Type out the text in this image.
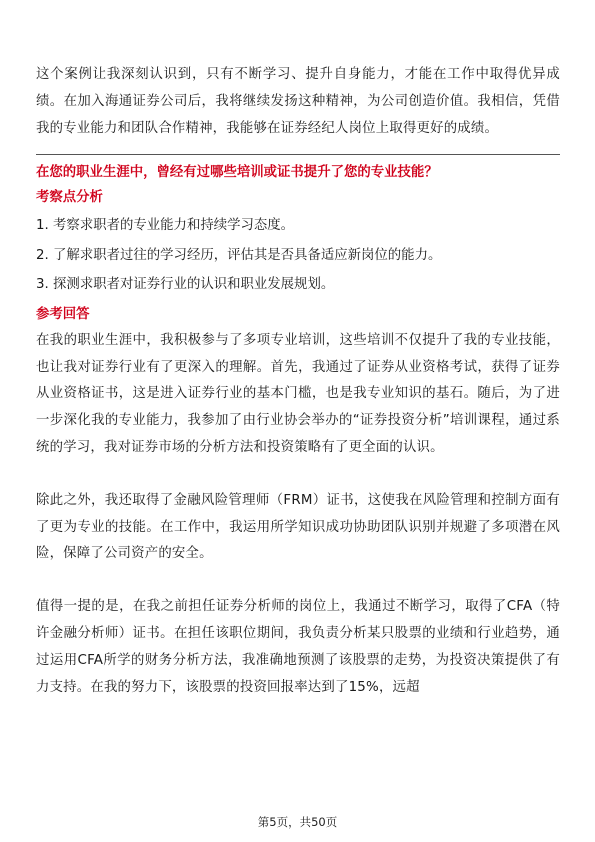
这个案例让我深刻认识到，只有不断学习、提升自身能力，才能在工作中取得优异成绩。在加入海通证券公司后，我将继续发扬这种精神，为公司创造价值。我相信，凭借我的专业能力和团队合作精神，我能够在证券经纪人岗位上取得更好的成绩。

在您的职业生涯中，曾经有过哪些培训或证书提升了您的专业技能？

考察点分析

1. 考察求职者的专业能力和持续学习态度。

2. 了解求职者过往的学习经历，评估其是否具备适应新岗位的能力。

3. 探测求职者对证券行业的认识和职业发展规划。

参考回答

在我的职业生涯中，我积极参与了多项专业培训，这些培训不仅提升了我的专业技能，也让我对证券行业有了更深入的理解。首先，我通过了证券从业资格考试，获得了证券从业资格证书，这是进入证券行业的基本门槛，也是我专业知识的基石。随后，为了进一步深化我的专业能力，我参加了由行业协会举办的“证券投资分析”培训课程，通过系统的学习，我对证券市场的分析方法和投资策略有了更全面的认识。

除此之外，我还取得了金融风险管理师（FRM）证书，这使我在风险管理和控制方面有了更为专业的技能。在工作中，我运用所学知识成功协助团队识别并规避了多项潜在风险，保障了公司资产的安全。

值得一提的是，在我之前担任证券分析师的岗位上，我通过不断学习，取得了CFA（特许金融分析师）证书。在担任该职位期间，我负责分析某只股票的业绩和行业趋势，通过运用CFA所学的财务分析方法，我准确地预测了该股票的走势，为投资决策提供了有力支持。在我的努力下，该股票的投资回报率达到了15%，远超

第5页，共50页
